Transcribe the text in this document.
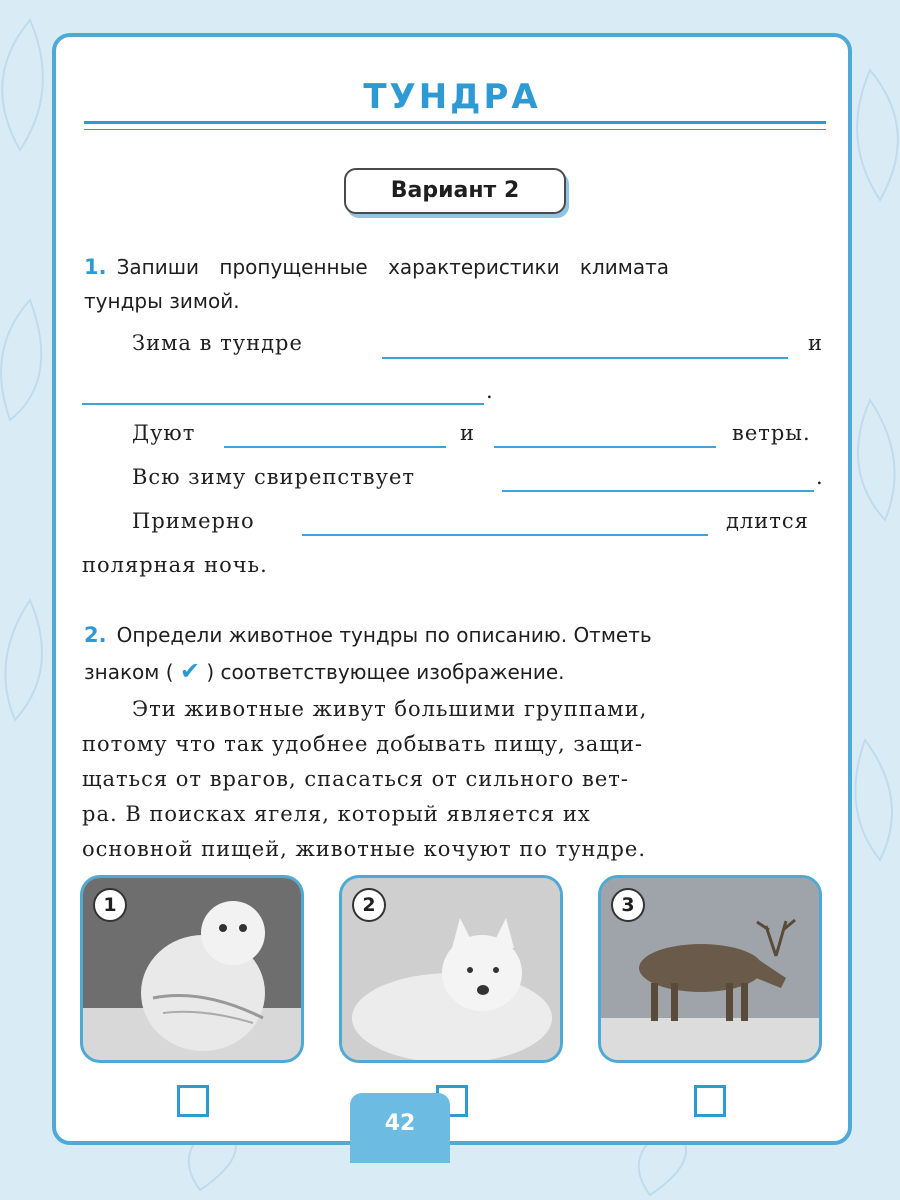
ТУНДРА
Вариант 2
1. Запиши пропущенные характеристики климата
тундры зимой.
Зима в тундре	и
.
Дуют	и	ветры.
Всю зиму свирепствует	.
Примерно	длится
полярная ночь.
2. Определи животное тундры по описанию. Отметь
знаком ( ✔ ) соответствующее изображение.
Эти животные живут большими группами,
потому что так удобнее добывать пищу, защи-
щаться от врагов, спасаться от сильного вет-
ра. В поисках ягеля, который является их
основной пищей, животные кочуют по тундре.
1	2	3
42
